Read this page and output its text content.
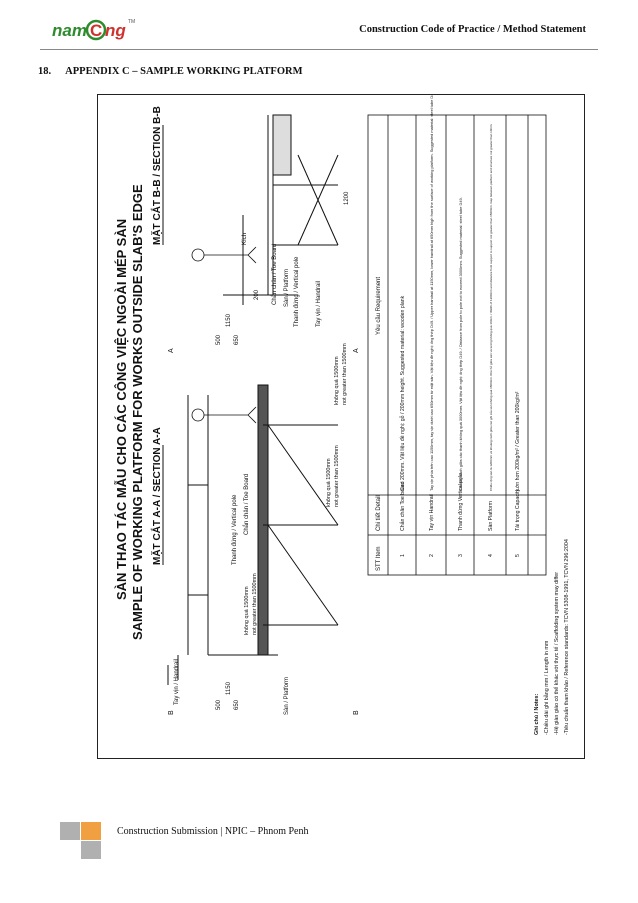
nam C ng TM
Construction Code of Practice / Method Statement
18. APPENDIX C – SAMPLE WORKING PLATFORM
SÀN THAO TÁC MẪU CHO CÁC CÔNG VIỆC NGOÀI MÉP SÀN SAMPLE OF WORKING PLATFORM FOR WORKS OUTSIDE SLAB'S EDGE MẶT CẮT A-A / SECTION A-A
MẶT CẮT B-B / SECTION B-B
1150
1150
500
500
650
650
200
1200
Thanh đứng / Vertical pole	Tay vịn / Handrail
Chắn chân / Toe Board Sàn / Platform
Tay vịn / Handrail
Thanh đứng / Vertical pole Chắn chân / Toe Board
Sàn / Platform
không quá 1500mm not greater than 1500mm
không quá 1500mm not greater than 1500mm
không quá 1500mm not greater than 1500mm
Kích
A	A
B	B
STT Item
Chi tiết Detail
Yêu cầu Requirement
1
Chắn chân Toe board
Cao 200mm. Vật liệu đề nghị: gỗ / 200mm height. Suggested material: wooden plank
2
Tay vịn Handrail
Tay vịn phía trên cao 1150mm, tay vịn dưới cao 650mm từ mặt sàn. Vật liệu đề nghị: ống thép D49. / Upper handrail at 1150mm, lower handrail at 650mm high from the surface of working platform. Suggested material: steel tube D49.
3
Thanh đứng Vertical pole
Khoảng cách giữa các thanh không quá 3000mm. Vật liệu đề nghị: ống thép D49. / Distance from pole to pole not to exceed 3000mm. Suggested material: steel tube D49.
4
Sàn Platform
Chiều rộng sàn là 1200mm và khoảng cách giữa các gối của sàn không quá 1500mm. Khe hở giữa sàn và tường không quá 10mm. / Width of 1200mm and distance from support to support not greater than 1500mm. Gap between platform and structure not greater than 10mm.
5
Tải trọng Capacity
Lớn hơn 200kg/m² / Greater than 200kg/m²
Ghi chú / Notes: -Chiều dài ghi bằng mm / Length in mm -Hệ giàn giáo có thể khác với thực tế / Scaffolding system may differ -Tiêu chuẩn tham khảo / Reference standards: TCVN 5308-1991, TCVN 296:2004
Construction Submission | NPIC – Phnom Penh
